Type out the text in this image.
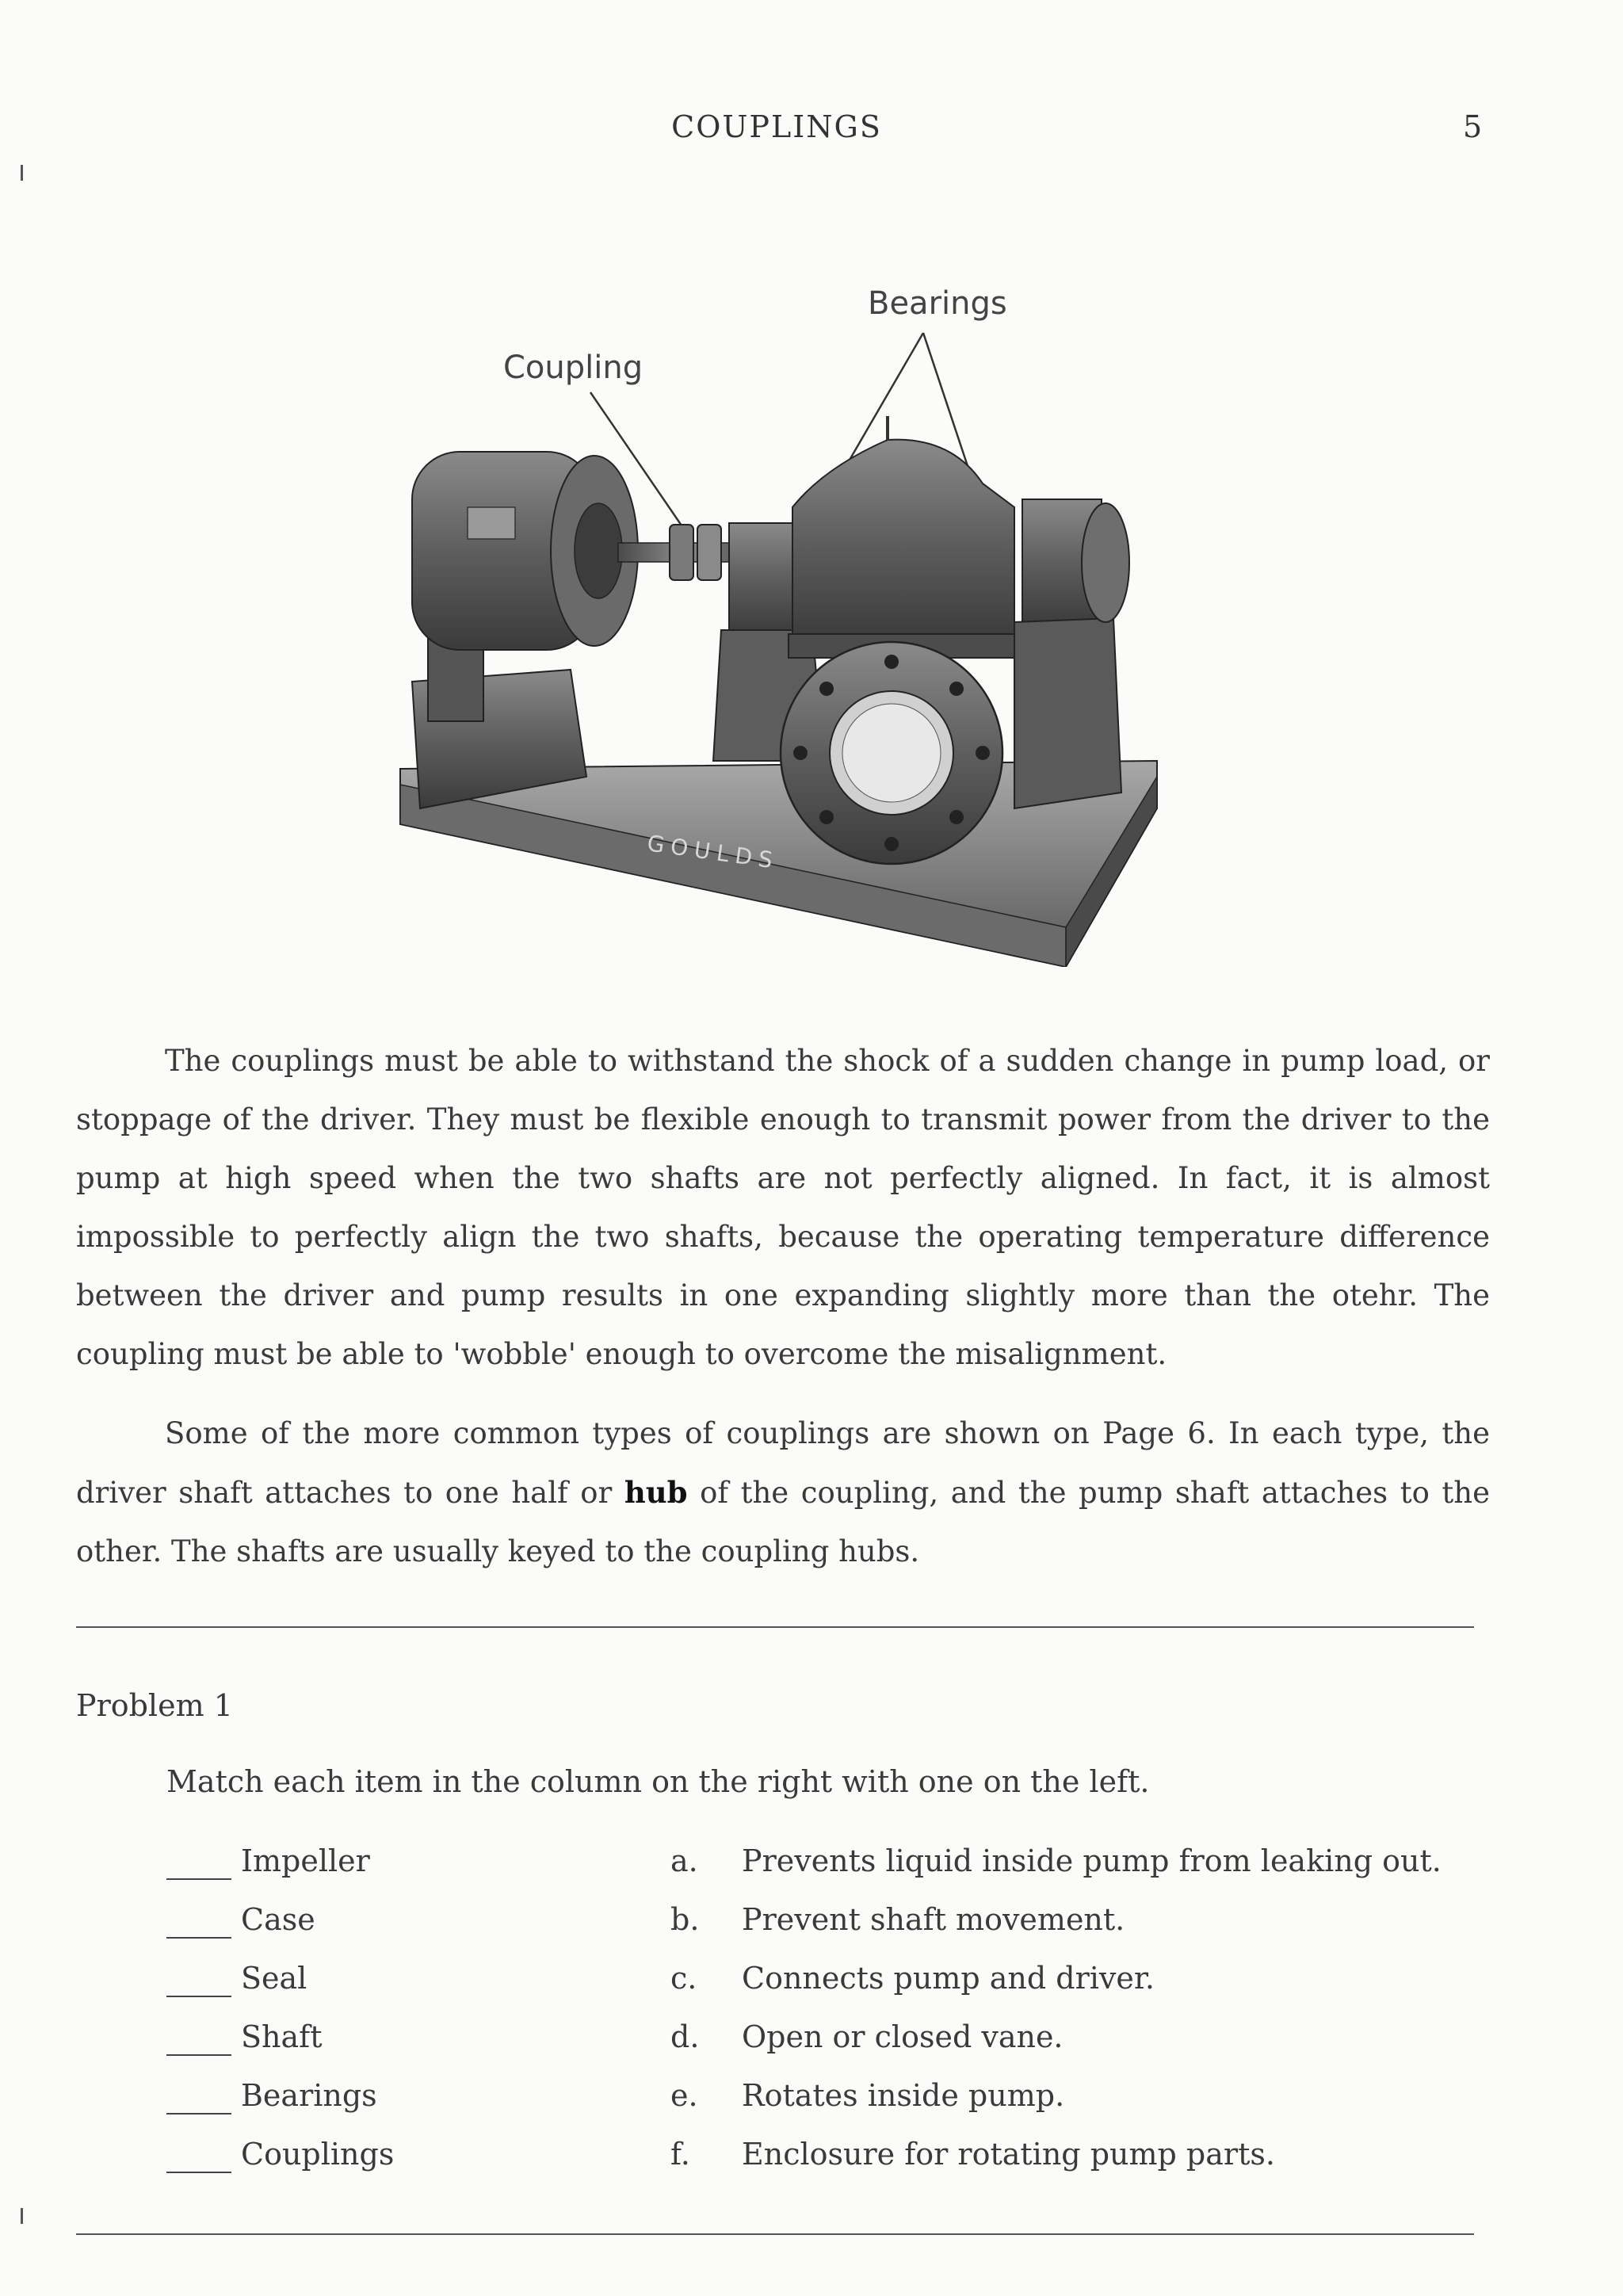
COUPLINGS	5
Coupling
Bearings
GOULDS

The couplings must be able to withstand the shock of a sudden change in pump load, or stoppage of the driver. They must be flexible enough to transmit power from the driver to the pump at high speed when the two shafts are not perfectly aligned. In fact, it is almost impossible to perfectly align the two shafts, because the operating temperature difference between the driver and pump results in one expanding slightly more than the otehr. The coupling must be able to 'wobble' enough to overcome the misalignment.

Some of the more common types of couplings are shown on Page 6. In each type, the driver shaft attaches to one half or hub of the coupling, and the pump shaft attaches to the other. The shafts are usually keyed to the coupling hubs.

Problem 1
Match each item in the column on the right with one on the left.
Impeller	a. Prevents liquid inside pump from leaking out.
Case	b. Prevent shaft movement.
Seal	c. Connects pump and driver.
Shaft	d. Open or closed vane.
Bearings	e. Rotates inside pump.
Couplings	f. Enclosure for rotating pump parts.
